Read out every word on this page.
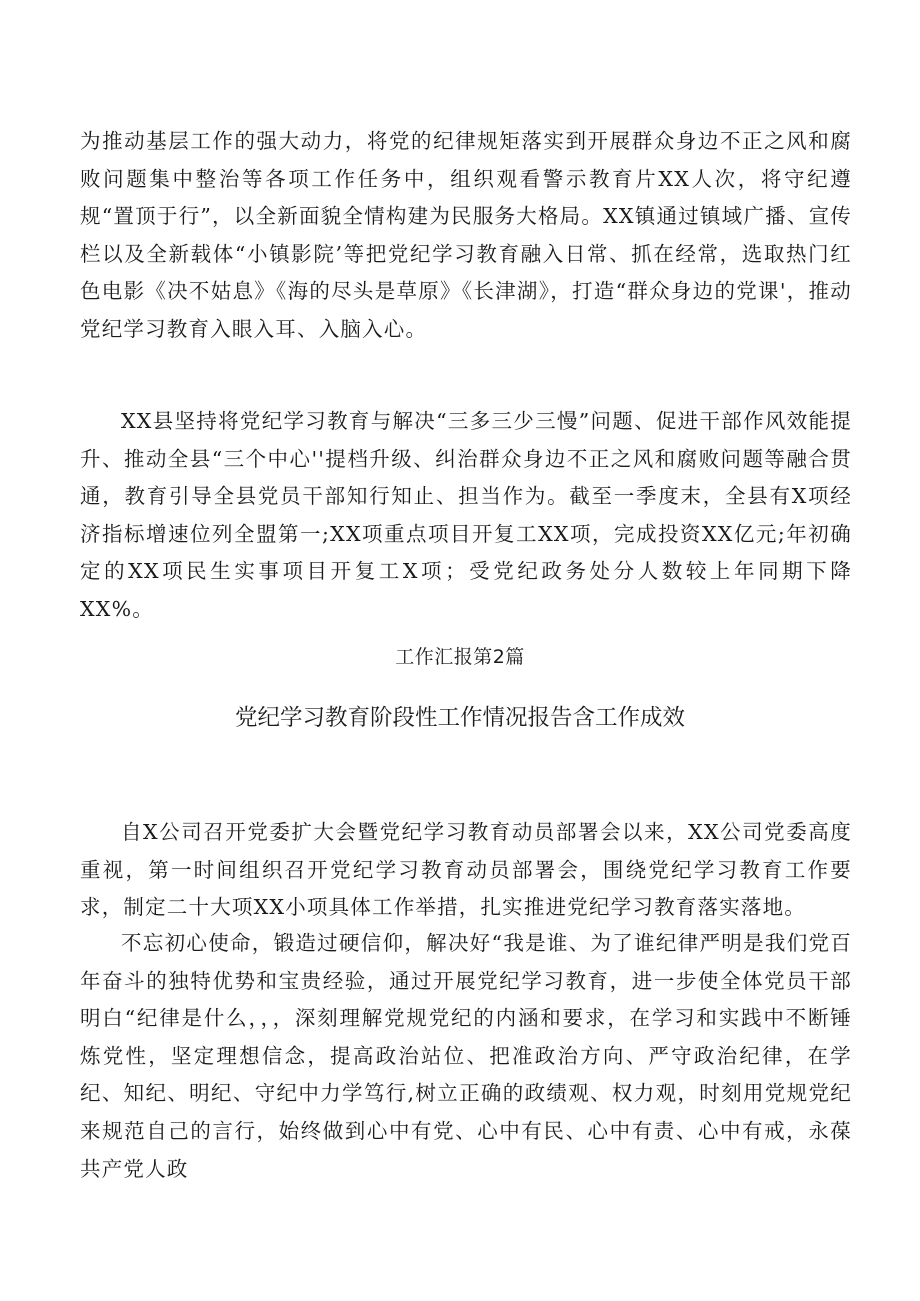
为推动基层工作的强大动力，将党的纪律规矩落实到开展群众身边不正之风和腐败问题集中整治等各项工作任务中，组织观看警示教育片XX人次，将守纪遵规“置顶于行”，以全新面貌全情构建为民服务大格局。XX镇通过镇域广播、宣传栏以及全新载体“小镇影院’等把党纪学习教育融入日常、抓在经常，选取热门红色电影《决不姑息》《海的尽头是草原》《长津湖》，打造“群众身边的党课'，推动党纪学习教育入眼入耳、入脑入心。

XX县坚持将党纪学习教育与解决“三多三少三慢”问题、促进干部作风效能提升、推动全县“三个中心''提档升级、纠治群众身边不正之风和腐败问题等融合贯通，教育引导全县党员干部知行知止、担当作为。截至一季度末，全县有X项经济指标增速位列全盟第一;XX项重点项目开复工XX项，完成投资XX亿元;年初确定的XX项民生实事项目开复工X项；受党纪政务处分人数较上年同期下降XX%。

工作汇报第2篇

党纪学习教育阶段性工作情况报告含工作成效

自X公司召开党委扩大会暨党纪学习教育动员部署会以来，XX公司党委高度重视，第一时间组织召开党纪学习教育动员部署会，围绕党纪学习教育工作要求，制定二十大项XX小项具体工作举措，扎实推进党纪学习教育落实落地。

不忘初心使命，锻造过硬信仰，解决好“我是谁、为了谁纪律严明是我们党百年奋斗的独特优势和宝贵经验，通过开展党纪学习教育，进一步使全体党员干部明白“纪律是什么，，，深刻理解党规党纪的内涵和要求，在学习和实践中不断锤炼党性，坚定理想信念，提高政治站位、把准政治方向、严守政治纪律，在学纪、知纪、明纪、守纪中力学笃行,树立正确的政绩观、权力观，时刻用党规党纪来规范自己的言行，始终做到心中有党、心中有民、心中有责、心中有戒，永葆共产党人政
